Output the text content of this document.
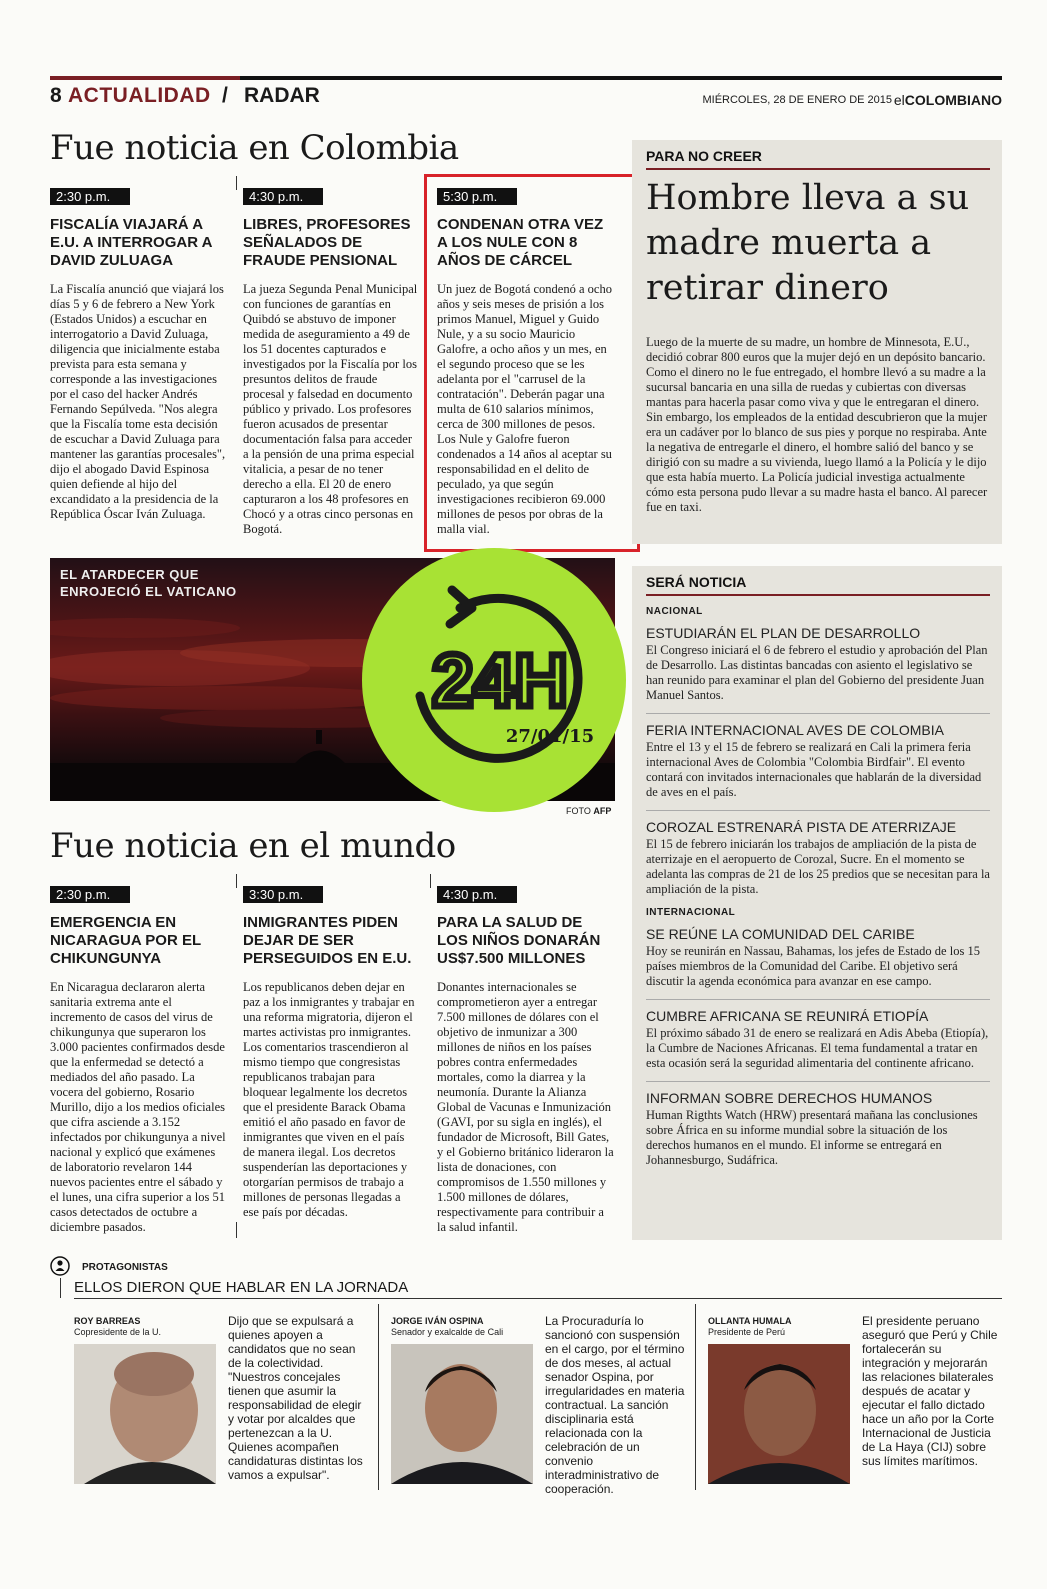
8 ACTUALIDAD / RADAR	MIÉRCOLES, 28 DE ENERO DE 2015 elCOLOMBIANO
Fue noticia en Colombia
2:30 p.m.
FISCALÍA VIAJARÁ A E.U. A INTERROGAR A DAVID ZULUAGA

La Fiscalía anunció que viajará los días 5 y 6 de febrero a New York (Estados Unidos) a escuchar en interrogatorio a David Zuluaga, diligencia que inicialmente estaba prevista para esta semana y corresponde a las investigaciones por el caso del hacker Andrés Fernando Sepúlveda. "Nos alegra que la Fiscalía tome esta decisión de escuchar a David Zuluaga para mantener las garantías procesales", dijo el abogado David Espinosa quien defiende al hijo del excandidato a la presidencia de la República Óscar Iván Zuluaga.

4:30 p.m.
LIBRES, PROFESORES SEÑALADOS DE FRAUDE PENSIONAL

La jueza Segunda Penal Municipal con funciones de garantías en Quibdó se abstuvo de imponer medida de aseguramiento a 49 de los 51 docentes capturados e investigados por la Fiscalía por los presuntos delitos de fraude procesal y falsedad en documento público y privado. Los profesores fueron acusados de presentar documentación falsa para acceder a la pensión de una prima especial vitalicia, a pesar de no tener derecho a ella. El 20 de enero capturaron a los 48 profesores en Chocó y a otras cinco personas en Bogotá.

5:30 p.m.
CONDENAN OTRA VEZ A LOS NULE CON 8 AÑOS DE CÁRCEL

Un juez de Bogotá condenó a ocho años y seis meses de prisión a los primos Manuel, Miguel y Guido Nule, y a su socio Mauricio Galofre, a ocho años y un mes, en el segundo proceso que se les adelanta por el "carrusel de la contratación". Deberán pagar una multa de 610 salarios mínimos, cerca de 300 millones de pesos. Los Nule y Galofre fueron condenados a 14 años al aceptar su responsabilidad en el delito de peculado, ya que según investigaciones recibieron 69.000 millones de pesos por obras de la malla vial.

PARA NO CREER
Hombre lleva a su madre muerta a retirar dinero

Luego de la muerte de su madre, un hombre de Minnesota, E.U., decidió cobrar 800 euros que la mujer dejó en un depósito bancario. Como el dinero no le fue entregado, el hombre llevó a su madre a la sucursal bancaria en una silla de ruedas y cubiertas con diversas mantas para hacerla pasar como viva y que le entregaran el dinero. Sin embargo, los empleados de la entidad descubrieron que la mujer era un cadáver por lo blanco de sus pies y porque no respiraba. Ante la negativa de entregarle el dinero, el hombre salió del banco y se dirigió con su madre a su vivienda, luego llamó a la Policía y le dijo que esta había muerto. La Policía judicial investiga actualmente cómo esta persona pudo llevar a su madre hasta el banco. Al parecer fue en taxi.

EL ATARDECER QUE
ENROJECIÓ EL VATICANO
24H
27/01/15
FOTO AFP
SERÁ NOTICIA
NACIONAL
ESTUDIARÁN EL PLAN DE DESARROLLO

El Congreso iniciará el 6 de febrero el estudio y aprobación del Plan de Desarrollo. Las distintas bancadas con asiento el legislativo se han reunido para examinar el plan del Gobierno del presidente Juan Manuel Santos.

FERIA INTERNACIONAL AVES DE COLOMBIA

Entre el 13 y el 15 de febrero se realizará en Cali la primera feria internacional Aves de Colombia "Colombia Birdfair". El evento contará con invitados internacionales que hablarán de la diversidad de aves en el país.

COROZAL ESTRENARÁ PISTA DE ATERRIZAJE

El 15 de febrero iniciarán los trabajos de ampliación de la pista de aterrizaje en el aeropuerto de Corozal, Sucre. En el momento se adelanta las compras de 21 de los 25 predios que se necesitan para la ampliación de la pista.

INTERNACIONAL
SE REÚNE LA COMUNIDAD DEL CARIBE

Hoy se reunirán en Nassau, Bahamas, los jefes de Estado de los 15 países miembros de la Comunidad del Caribe. El objetivo será discutir la agenda económica para avanzar en ese campo.

CUMBRE AFRICANA SE REUNIRÁ ETIOPÍA

El próximo sábado 31 de enero se realizará en Adis Abeba (Etiopía), la Cumbre de Naciones Africanas. El tema fundamental a tratar en esta ocasión será la seguridad alimentaria del continente africano.

INFORMAN SOBRE DERECHOS HUMANOS

Human Rigthts Watch (HRW) presentará mañana las conclusiones sobre África en su informe mundial sobre la situación de los derechos humanos en el mundo. El informe se entregará en Johannesburgo, Sudáfrica.

Fue noticia en el mundo
2:30 p.m.
EMERGENCIA EN NICARAGUA POR EL CHIKUNGUNYA

En Nicaragua declararon alerta sanitaria extrema ante el incremento de casos del virus de chikungunya que superaron los 3.000 pacientes confirmados desde que la enfermedad se detectó a mediados del año pasado. La vocera del gobierno, Rosario Murillo, dijo a los medios oficiales que cifra asciende a 3.152 infectados por chikungunya a nivel nacional y explicó que exámenes de laboratorio revelaron 144 nuevos pacientes entre el sábado y el lunes, una cifra superior a los 51 casos detectados de octubre a diciembre pasados.

3:30 p.m.
INMIGRANTES PIDEN DEJAR DE SER PERSEGUIDOS EN E.U.

Los republicanos deben dejar en paz a los inmigrantes y trabajar en una reforma migratoria, dijeron el martes activistas pro inmigrantes. Los comentarios trascendieron al mismo tiempo que congresistas republicanos trabajan para bloquear legalmente los decretos que el presidente Barack Obama emitió el año pasado en favor de inmigrantes que viven en el país de manera ilegal. Los decretos suspenderían las deportaciones y otorgarían permisos de trabajo a millones de personas llegadas a ese país por décadas.

4:30 p.m.
PARA LA SALUD DE LOS NIÑOS DONARÁN US$7.500 MILLONES

Donantes internacionales se comprometieron ayer a entregar 7.500 millones de dólares con el objetivo de inmunizar a 300 millones de niños en los países pobres contra enfermedades mortales, como la diarrea y la neumonía. Durante la Alianza Global de Vacunas e Inmunización (GAVI, por su sigla en inglés), el fundador de Microsoft, Bill Gates, y el Gobierno británico lideraron la lista de donaciones, con compromisos de 1.550 millones y 1.500 millones de dólares, respectivamente para contribuir a la salud infantil.

PROTAGONISTAS
ELLOS DIERON QUE HABLAR EN LA JORNADA
ROY BARREAS
Copresidente de la U.
Dijo que se expulsará a quienes apoyen a candidatos que no sean de la colectividad. "Nuestros concejales tienen que asumir la responsabilidad de elegir y votar por alcaldes que pertenezcan a la U. Quienes acompañen candidaturas distintas los vamos a expulsar".
JORGE IVÁN OSPINA
Senador y exalcalde de Cali
La Procuraduría lo sancionó con suspensión en el cargo, por el término de dos meses, al actual senador Ospina, por irregularidades en materia contractual. La sanción disciplinaria está relacionada con la celebración de un convenio interadministrativo de cooperación.
OLLANTA HUMALA
Presidente de Perú
El presidente peruano aseguró que Perú y Chile fortalecerán su integración y mejorarán las relaciones bilaterales después de acatar y ejecutar el fallo dictado hace un año por la Corte Internacional de Justicia de La Haya (CIJ) sobre sus límites marítimos.
